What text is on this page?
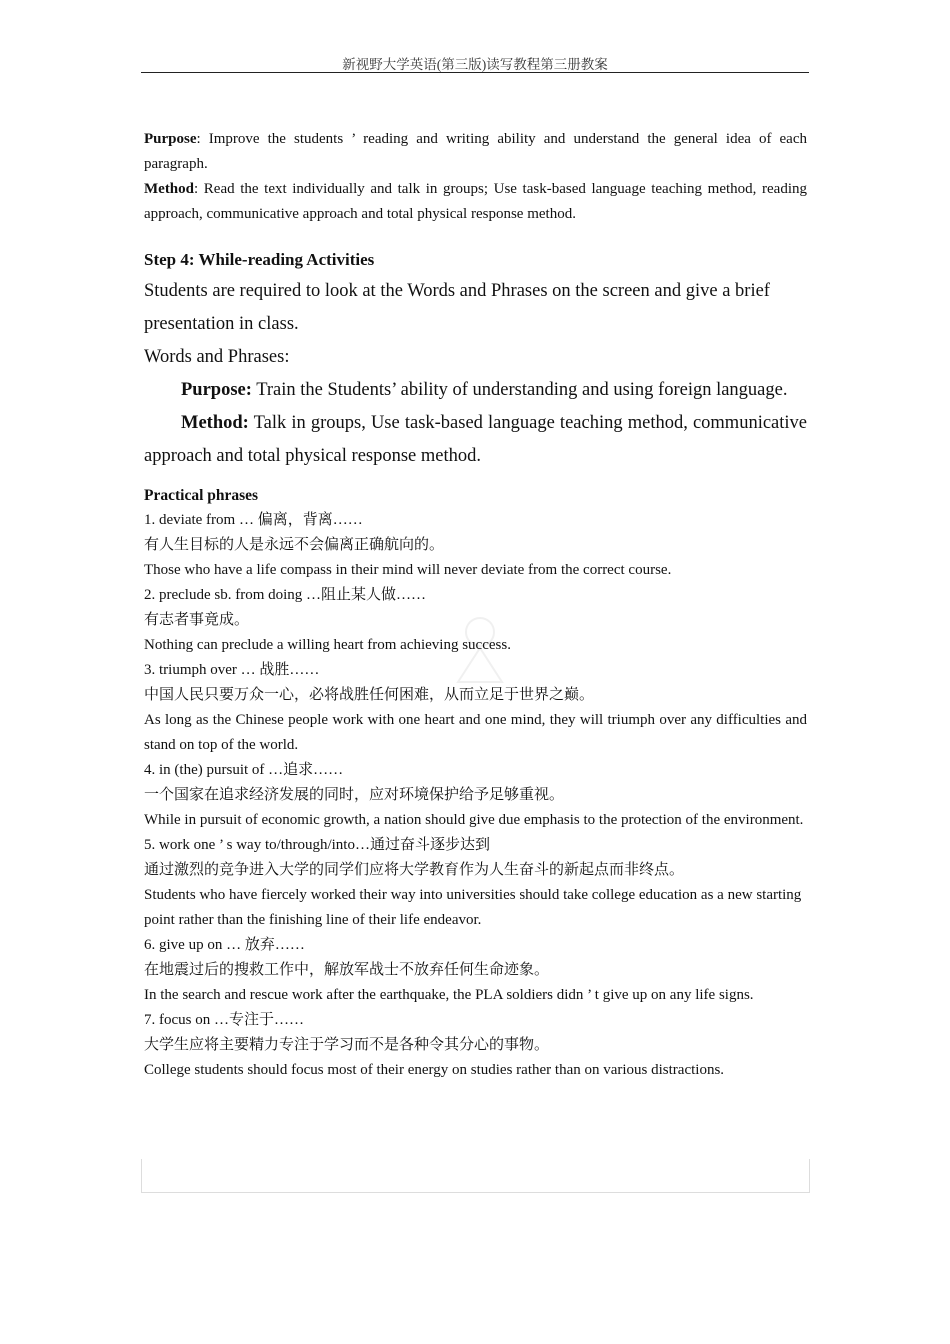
新视野大学英语(第三版)读写教程第三册教案
Purpose: Improve the students ’ reading and writing ability and understand the general idea of each paragraph.
Method: Read the text individually and talk in groups; Use task-based language teaching method, reading approach, communicative approach and total physical response method.
Step 4: While-reading Activities
Students are required to look at the Words and Phrases on the screen and give a brief presentation in class.
Words and Phrases:
Purpose: Train the Students’ ability of understanding and using foreign language.
Method: Talk in groups, Use task-based language teaching method, communicative approach and total physical response method.
Practical phrases
1. deviate from … 偏离，背离……
有人生目标的人是永远不会偏离正确航向的。
Those who have a life compass in their mind will never deviate from the correct course.
2. preclude sb. from doing …阻止某人做……
有志者事竟成。
Nothing can preclude a willing heart from achieving success.
3. triumph over … 战胜……
中国人民只要万众一心，必将战胜任何困难，从而立足于世界之巅。
As long as the Chinese people work with one heart and one mind, they will triumph over any difficulties and stand on top of the world.
4. in (the) pursuit of …追求……
一个国家在追求经济发展的同时，应对环境保护给予足够重视。
While in pursuit of economic growth, a nation should give due emphasis to the protection of the environment.
5. work one ’ s way to/through/into…通过奋斗逐步达到
通过激烈的竞争进入大学的同学们应将大学教育作为人生奋斗的新起点而非终点。
Students who have fiercely worked their way into universities should take college education as a new starting point rather than the finishing line of their life endeavor.
6. give up on … 放弃……
在地震过后的搜救工作中，解放军战士不放弃任何生命迹象。
In the search and rescue work after the earthquake, the PLA soldiers didn ’ t give up on any life signs.
7. focus on …专注于……
大学生应将主要精力专注于学习而不是各种令其分心的事物。
College students should focus most of their energy on studies rather than on various distractions.
